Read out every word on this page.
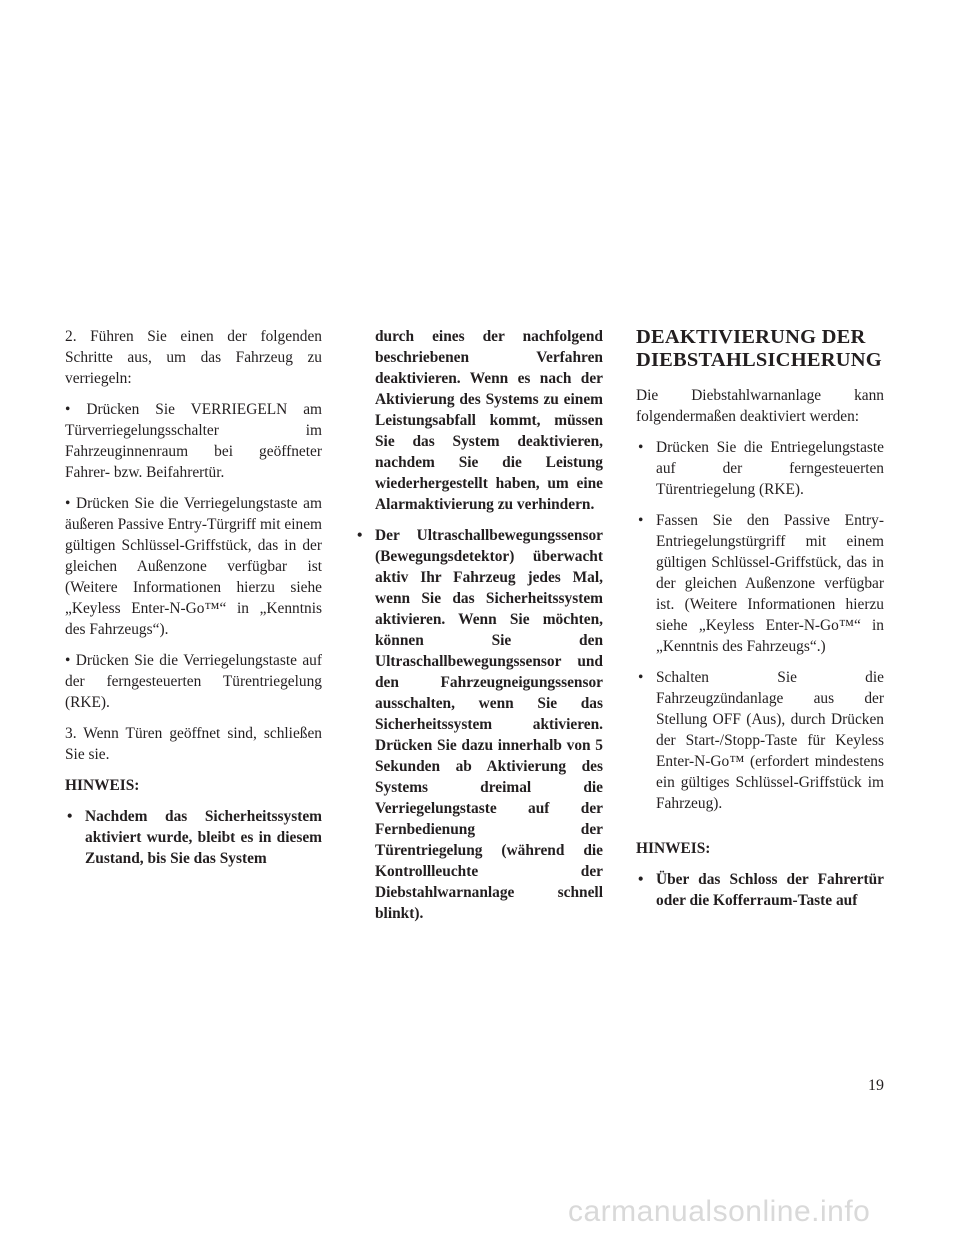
2. Führen Sie einen der folgenden Schritte aus, um das Fahrzeug zu verriegeln:

• Drücken Sie VERRIEGELN am Türverriegelungsschalter im Fahrzeuginnenraum bei geöffneter Fahrer- bzw. Beifahrertür.

• Drücken Sie die Verriegelungstaste am äußeren Passive Entry-Türgriff mit einem gültigen Schlüssel-Griffstück, das in der gleichen Außenzone verfügbar ist (Weitere Informationen hierzu siehe „Keyless Enter-N-Go™“ in „Kenntnis des Fahrzeugs“).

• Drücken Sie die Verriegelungstaste auf der ferngesteuerten Türentriegelung (RKE).

3. Wenn Türen geöffnet sind, schließen Sie sie.

HINWEIS:

• Nachdem das Sicherheitssystem aktiviert wurde, bleibt es in diesem Zustand, bis Sie das System
durch eines der nachfolgend beschriebenen Verfahren deaktivieren. Wenn es nach der Aktivierung des Systems zu einem Leistungsabfall kommt, müssen Sie das System deaktivieren, nachdem Sie die Leistung wiederhergestellt haben, um eine Alarmaktivierung zu verhindern.
• Der Ultraschallbewegungssensor (Bewegungsdetektor) überwacht aktiv Ihr Fahrzeug jedes Mal, wenn Sie das Sicherheitssystem aktivieren. Wenn Sie möchten, können Sie den Ultraschallbewegungssensor und den Fahrzeugneigungssensor ausschalten, wenn Sie das Sicherheitssystem aktivieren. Drücken Sie dazu innerhalb von 5 Sekunden ab Aktivierung des Systems dreimal die Verriegelungstaste auf der Fernbedienung der Türentriegelung (während die Kontrollleuchte der Diebstahlwarnanlage schnell blinkt).
DEAKTIVIERUNG DER DIEBSTAHLSICHERUNG

Die Diebstahlwarnanlage kann folgendermaßen deaktiviert werden:

• Drücken Sie die Entriegelungstaste auf der ferngesteuerten Türentriegelung (RKE).
• Fassen Sie den Passive Entry-Entriegelungstürgriff mit einem gültigen Schlüssel-Griffstück, das in der gleichen Außenzone verfügbar ist. (Weitere Informationen hierzu siehe „Keyless Enter-N-Go™“ in „Kenntnis des Fahrzeugs“.)
• Schalten Sie die Fahrzeugzündanlage aus der Stellung OFF (Aus), durch Drücken der Start-/Stopp-Taste für Keyless Enter-N-Go™ (erfordert mindestens ein gültiges Schlüssel-Griffstück im Fahrzeug).

HINWEIS:

• Über das Schloss der Fahrertür oder die Kofferraum-Taste auf
19
carmanualsonline.info
